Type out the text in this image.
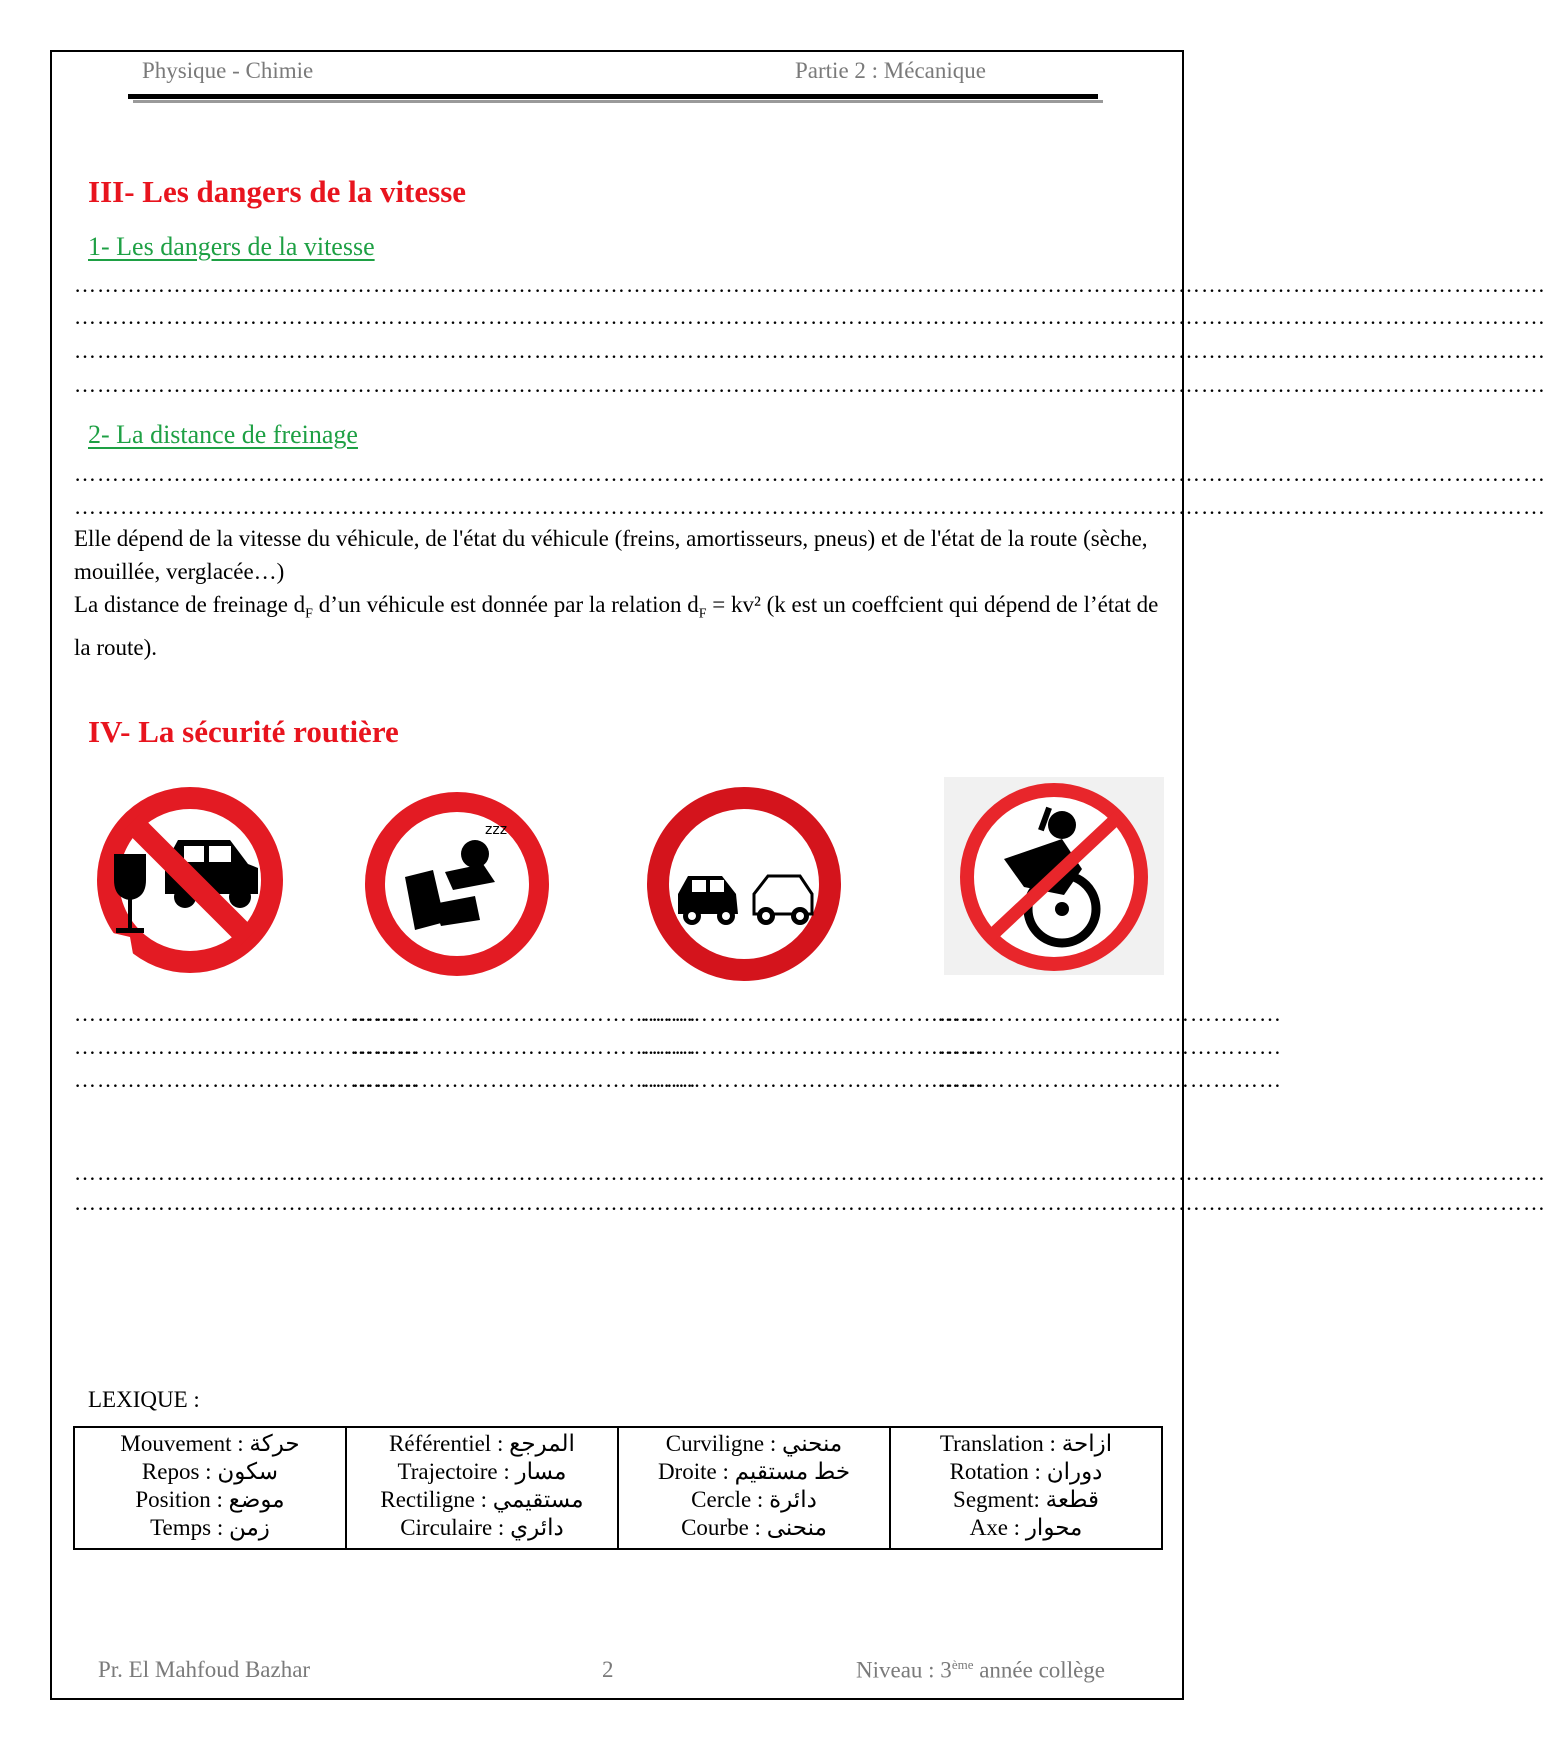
Physique - Chimie	Partie 2 : Mécanique
III- Les dangers de la vitesse
1- Les dangers de la vitesse
…………………………………………………………………………………………………………………………………………………………………………
…………………………………………………………………………………………………………………………………………………………………………
…………………………………………………………………………………………………………………………………………………………………………
…………………………………………………………………………………………………………………………………………………………………………
2- La distance de freinage
…………………………………………………………………………………………………………………………………………………………………………
…………………………………………………………………………………………………………………………………………………………………………
Elle dépend de la vitesse du véhicule, de l'état du véhicule (freins, amortisseurs, pneus) et de l'état de la route (sèche, mouillée, verglacée…)
La distance de freinage $d_F$ d’un véhicule est donnée par la relation $d_F = kv^2$ (k est un coeffcient qui dépend de l’état de la route).
IV- La sécurité routière
zzz
………………………………………
………………………………………
………………………………………
………………………………………
………………………………………
………………………………………
………………………………………
………………………………………
………………………………………
………………………………………
………………………………………
………………………………………
…………………………………………………………………………………………………………………………………………………………………………
…………………………………………………………………………………………………………………………………………………………………………
LEXIQUE :
Mouvement : حركة
Repos : سكون
Position : موضع
Temps : زمن

Référentiel : المرجع
Trajectoire : مسار
Rectiligne : مستقيمي
Circulaire : دائري

Curviligne : منحني
Droite : خط مستقيم
Cercle : دائرة
Courbe : منحنى

Translation : ازاحة
Rotation : دوران
Segment: قطعة
Axe : محوار
Pr. El Mahfoud Bazhar	2	Niveau : 3ème année collège
